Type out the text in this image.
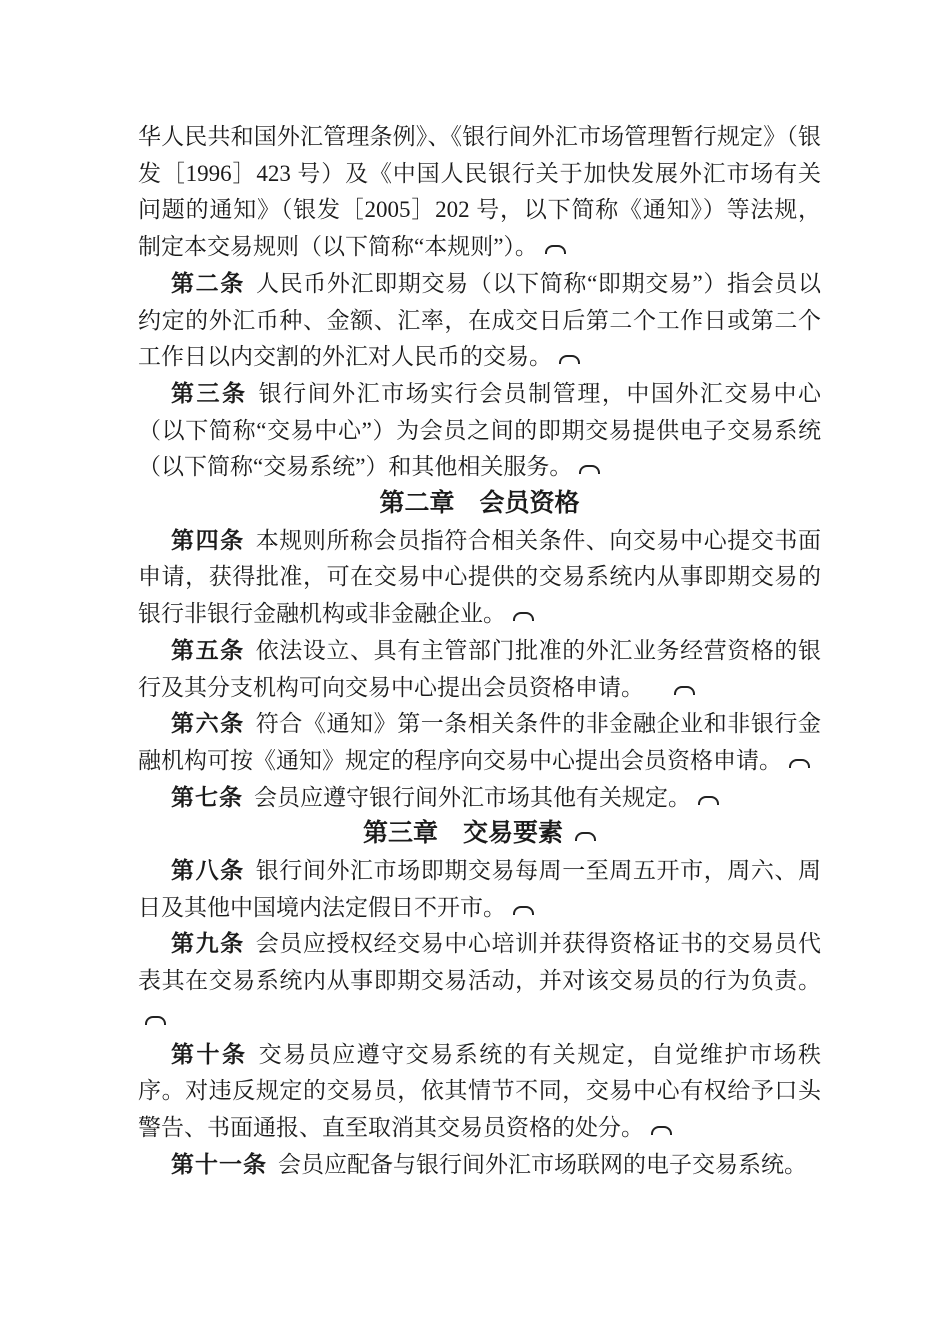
华人民共和国外汇管理条例》、《银行间外汇市场管理暂行规定》（银发［1996］423 号）及《中国人民银行关于加快发展外汇市场有关问题的通知》（银发［2005］202 号，以下简称《通知》）等法规，制定本交易规则（以下简称“本规则”）。

第二条 人民币外汇即期交易（以下简称“即期交易”）指会员以约定的外汇币种、金额、汇率，在成交日后第二个工作日或第二个工作日以内交割的外汇对人民币的交易。

第三条 银行间外汇市场实行会员制管理，中国外汇交易中心（以下简称“交易中心”）为会员之间的即期交易提供电子交易系统（以下简称“交易系统”）和其他相关服务。

第二章　会员资格

第四条 本规则所称会员指符合相关条件、向交易中心提交书面申请，获得批准，可在交易中心提供的交易系统内从事即期交易的银行非银行金融机构或非金融企业。

第五条 依法设立、具有主管部门批准的外汇业务经营资格的银行及其分支机构可向交易中心提出会员资格申请。

第六条 符合《通知》第一条相关条件的非金融企业和非银行金融机构可按《通知》规定的程序向交易中心提出会员资格申请。

第七条 会员应遵守银行间外汇市场其他有关规定。

第三章　交易要素

第八条 银行间外汇市场即期交易每周一至周五开市，周六、周日及其他中国境内法定假日不开市。

第九条 会员应授权经交易中心培训并获得资格证书的交易员代表其在交易系统内从事即期交易活动，并对该交易员的行为负责。

第十条 交易员应遵守交易系统的有关规定，自觉维护市场秩序。对违反规定的交易员，依其情节不同，交易中心有权给予口头警告、书面通报、直至取消其交易员资格的处分。

第十一条 会员应配备与银行间外汇市场联网的电子交易系统。
